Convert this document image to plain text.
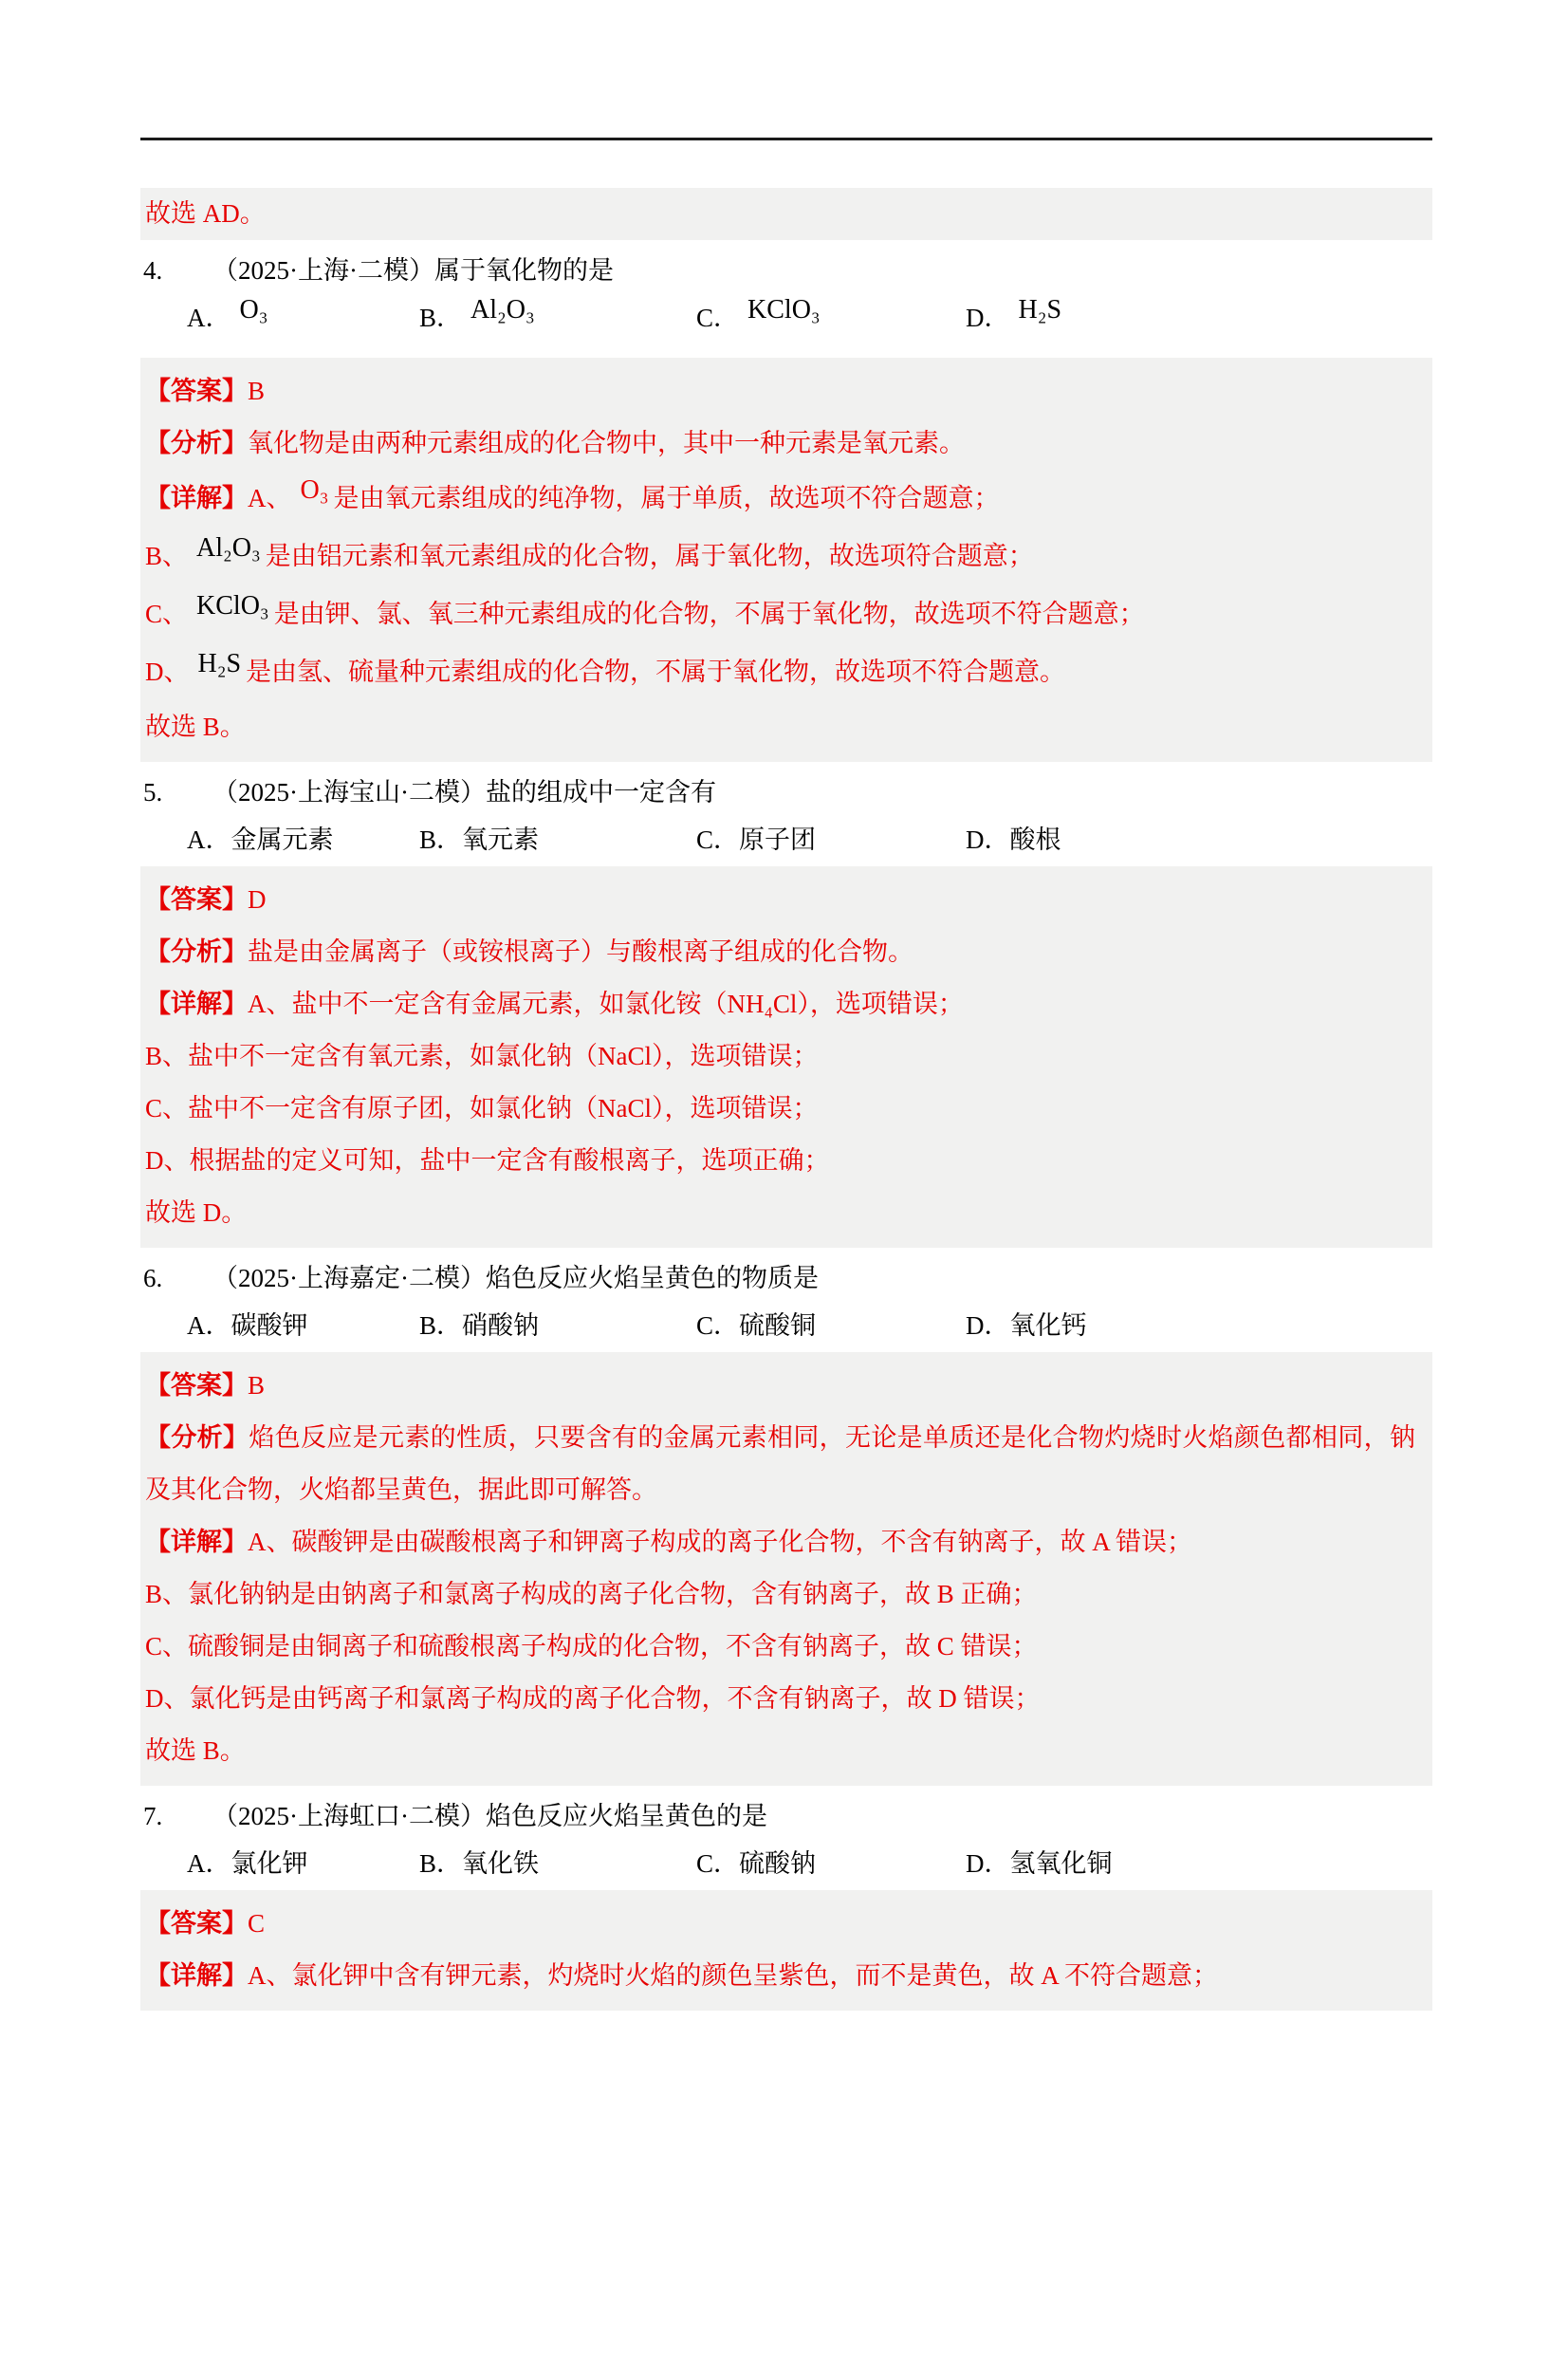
故选 AD。

4. （2025·上海·二模）属于氧化物的是

A． O₃	B． Al₂O₃	C． KClO₃	D． H₂S

【答案】B

【分析】氧化物是由两种元素组成的化合物中，其中一种元素是氧元素。

【详解】A、 O₃ 是由氧元素组成的纯净物，属于单质，故选项不符合题意；

B、 Al₂O₃ 是由铝元素和氧元素组成的化合物，属于氧化物，故选项符合题意；

C、 KClO₃ 是由钾、氯、氧三种元素组成的化合物，不属于氧化物，故选项不符合题意；

D、 H₂S 是由氢、硫量种元素组成的化合物，不属于氧化物，故选项不符合题意。

故选 B。

5. （2025·上海宝山·二模）盐的组成中一定含有

A．金属元素	B．氧元素	C．原子团	D．酸根

【答案】D

【分析】盐是由金属离子（或铵根离子）与酸根离子组成的化合物。

【详解】A、盐中不一定含有金属元素，如氯化铵（NH₄Cl），选项错误；

B、盐中不一定含有氧元素，如氯化钠（NaCl），选项错误；

C、盐中不一定含有原子团，如氯化钠（NaCl），选项错误；

D、根据盐的定义可知，盐中一定含有酸根离子，选项正确；

故选 D。

6. （2025·上海嘉定·二模）焰色反应火焰呈黄色的物质是

A．碳酸钾	B．硝酸钠	C．硫酸铜	D．氧化钙

【答案】B

【分析】焰色反应是元素的性质，只要含有的金属元素相同，无论是单质还是化合物灼烧时火焰颜色都相同，钠及其化合物，火焰都呈黄色，据此即可解答。

【详解】A、碳酸钾是由碳酸根离子和钾离子构成的离子化合物，不含有钠离子，故 A 错误；

B、氯化钠钠是由钠离子和氯离子构成的离子化合物，含有钠离子，故 B 正确；

C、硫酸铜是由铜离子和硫酸根离子构成的化合物，不含有钠离子，故 C 错误；

D、氯化钙是由钙离子和氯离子构成的离子化合物，不含有钠离子，故 D 错误；

故选 B。

7. （2025·上海虹口·二模）焰色反应火焰呈黄色的是

A．氯化钾	B．氧化铁	C．硫酸钠	D．氢氧化铜

【答案】C

【详解】A、氯化钾中含有钾元素，灼烧时火焰的颜色呈紫色，而不是黄色，故 A 不符合题意；
